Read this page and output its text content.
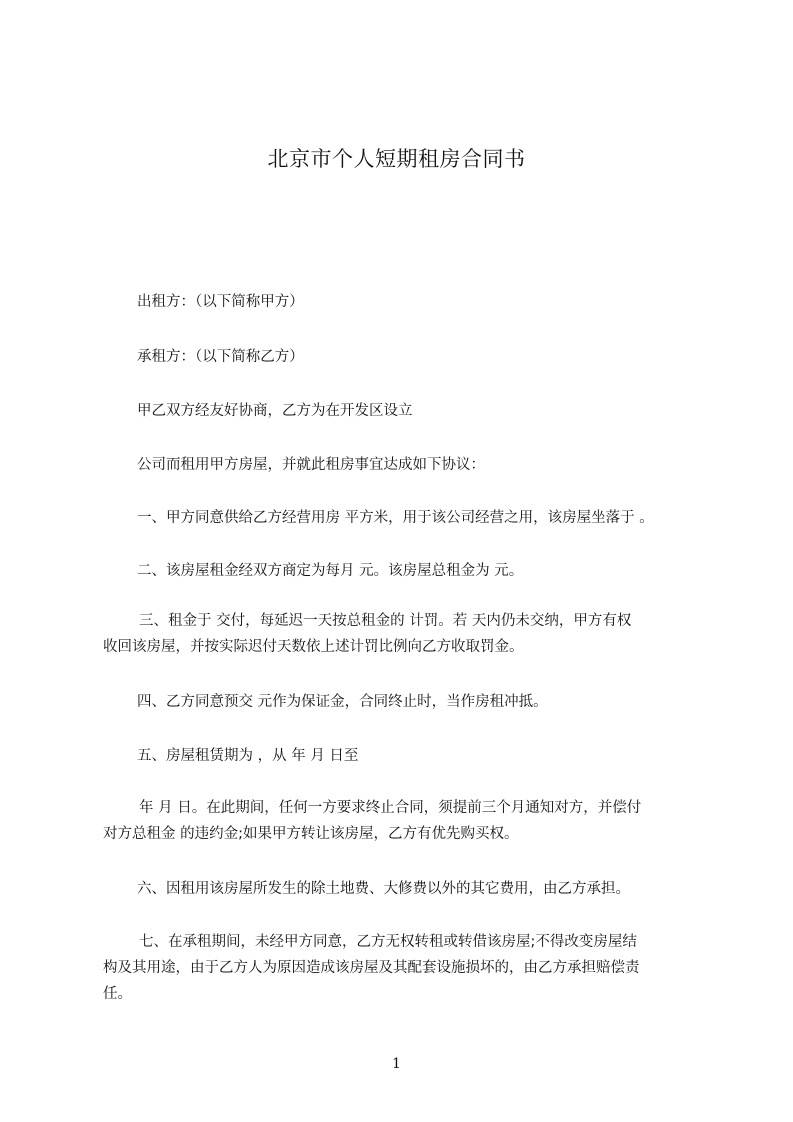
北京市个人短期租房合同书
出租方：（以下简称甲方）
承租方：（以下简称乙方）
甲乙双方经友好协商，乙方为在开发区设立
公司而租用甲方房屋，并就此租房事宜达成如下协议：
一、甲方同意供给乙方经营用房 平方米，用于该公司经营之用，该房屋坐落于 。
二、该房屋租金经双方商定为每月 元。该房屋总租金为 元。
三、租金于 交付，每延迟一天按总租金的 计罚。若 天内仍未交纳，甲方有权
收回该房屋，并按实际迟付天数依上述计罚比例向乙方收取罚金。
四、乙方同意预交 元作为保证金，合同终止时，当作房租冲抵。
五、房屋租赁期为 ，从 年 月 日至
年 月 日。在此期间，任何一方要求终止合同，须提前三个月通知对方，并偿付
对方总租金 的违约金;如果甲方转让该房屋，乙方有优先购买权。
六、因租用该房屋所发生的除土地费、大修费以外的其它费用，由乙方承担。
七、在承租期间，未经甲方同意，乙方无权转租或转借该房屋;不得改变房屋结
构及其用途，由于乙方人为原因造成该房屋及其配套设施损坏的，由乙方承担赔偿责
任。
1
